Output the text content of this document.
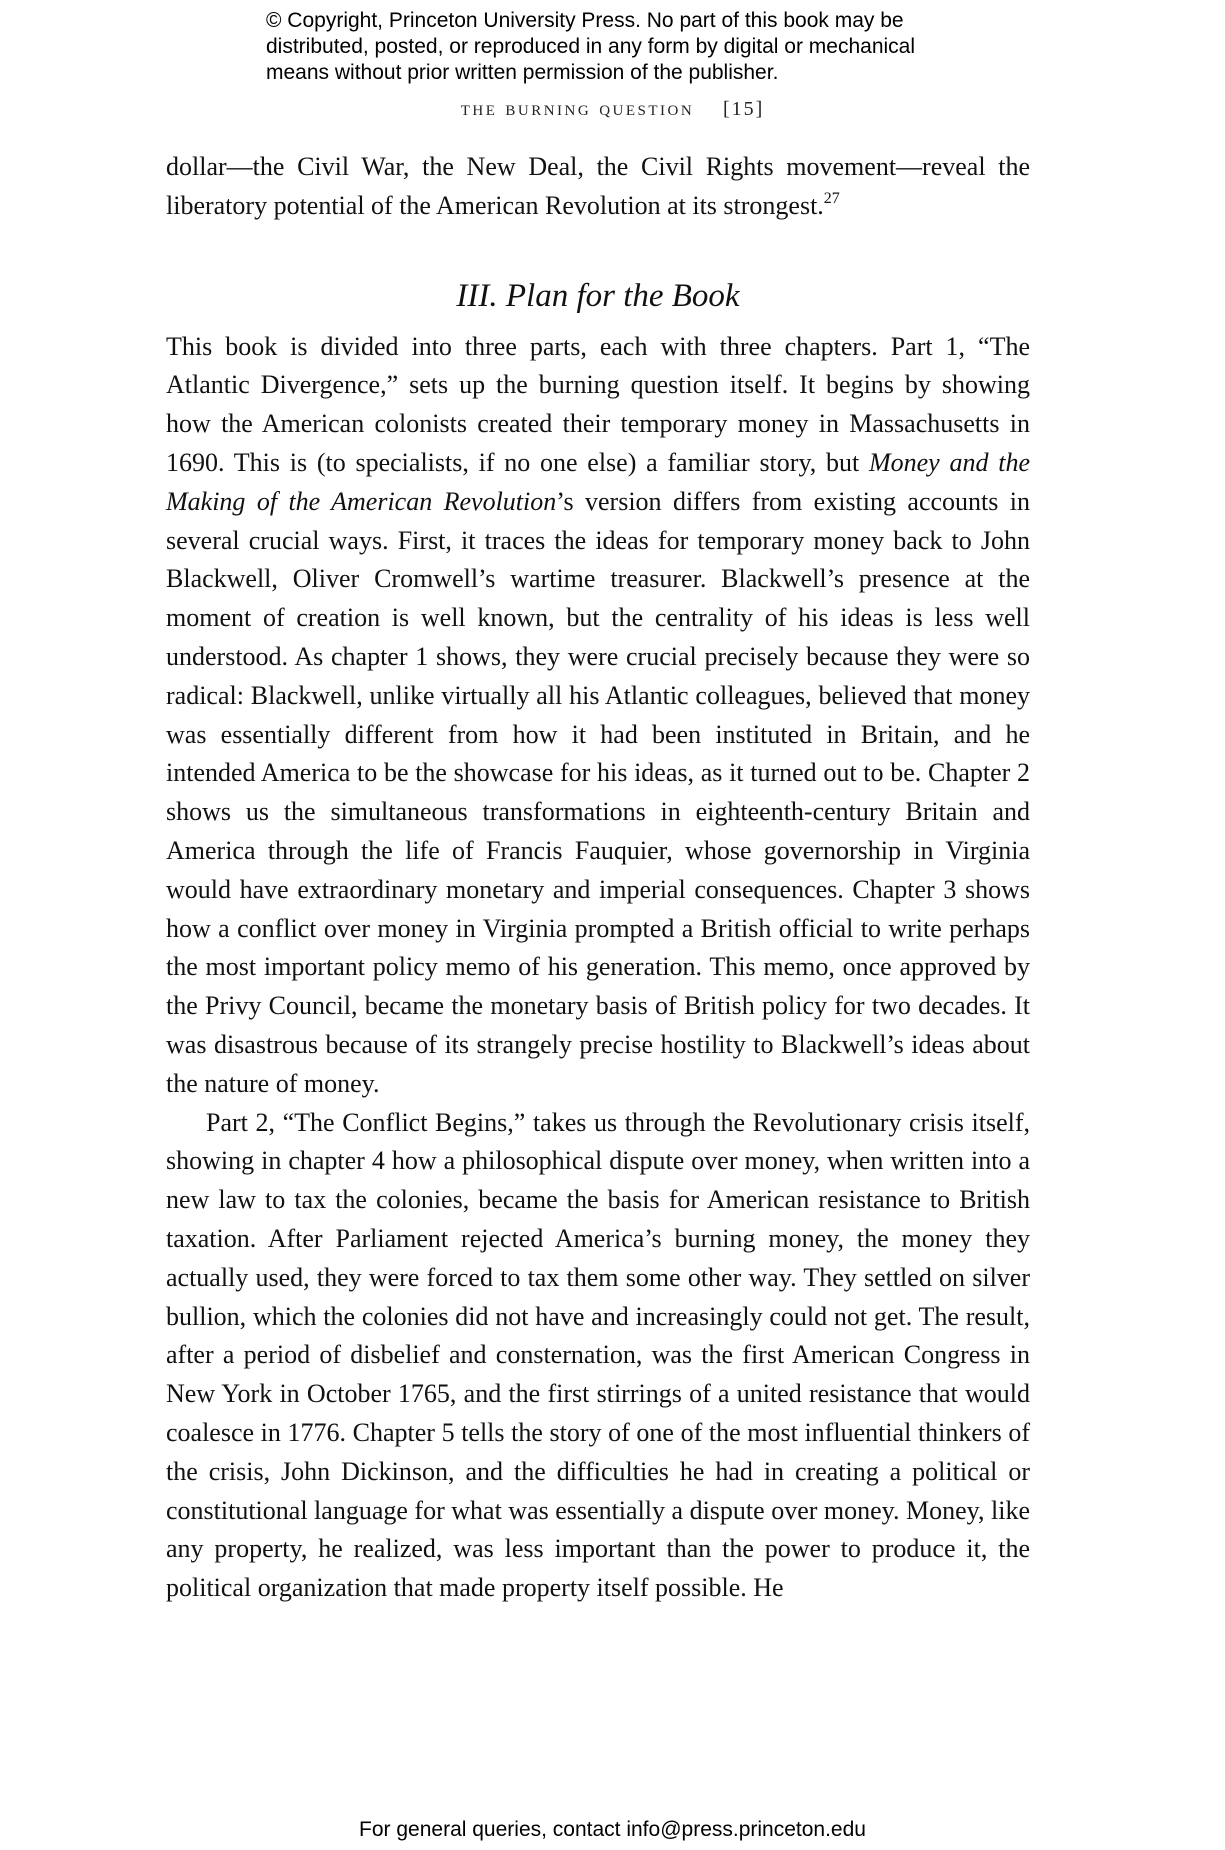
© Copyright, Princeton University Press. No part of this book may be
distributed, posted, or reproduced in any form by digital or mechanical
means without prior written permission of the publisher.
the burning question [15]

dollar—the Civil War, the New Deal, the Civil Rights movement—reveal the liberatory potential of the American Revolution at its strongest.$^{27}$

III. Plan for the Book

This book is divided into three parts, each with three chapters. Part 1, “The Atlantic Divergence,” sets up the burning question itself. It begins by showing how the American colonists created their temporary money in Massachusetts in 1690. This is (to specialists, if no one else) a familiar story, but Money and the Making of the American Revolution’s version differs from existing accounts in several crucial ways. First, it traces the ideas for temporary money back to John Blackwell, Oliver Cromwell’s wartime treasurer. Blackwell’s presence at the moment of creation is well known, but the centrality of his ideas is less well understood. As chapter 1 shows, they were crucial precisely because they were so radical: Blackwell, unlike virtually all his Atlantic colleagues, believed that money was essentially different from how it had been instituted in Britain, and he intended America to be the showcase for his ideas, as it turned out to be. Chapter 2 shows us the simultaneous transformations in eighteenth-century Britain and America through the life of Francis Fauquier, whose governorship in Virginia would have extraordinary monetary and imperial consequences. Chapter 3 shows how a conflict over money in Virginia prompted a British official to write perhaps the most important policy memo of his generation. This memo, once approved by the Privy Council, became the monetary basis of British policy for two decades. It was disastrous because of its strangely precise hostility to Blackwell’s ideas about the nature of money.

Part 2, “The Conflict Begins,” takes us through the Revolutionary crisis itself, showing in chapter 4 how a philosophical dispute over money, when written into a new law to tax the colonies, became the basis for American resistance to British taxation. After Parliament rejected America’s burning money, the money they actually used, they were forced to tax them some other way. They settled on silver bullion, which the colonies did not have and increasingly could not get. The result, after a period of disbelief and consternation, was the first American Congress in New York in October 1765, and the first stirrings of a united resistance that would coalesce in 1776. Chapter 5 tells the story of one of the most influential thinkers of the crisis, John Dickinson, and the difficulties he had in creating a political or constitutional language for what was essentially a dispute over money. Money, like any property, he realized, was less important than the power to produce it, the political organization that made property itself possible. He

For general queries, contact info@press.princeton.edu
